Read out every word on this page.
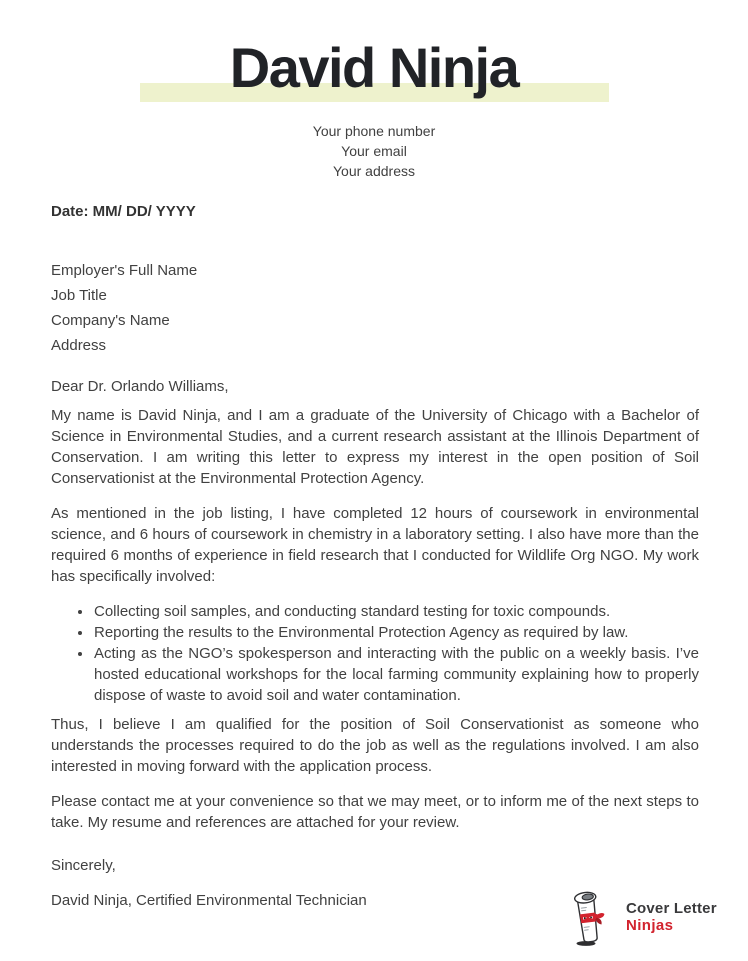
David Ninja
Your phone number
Your email
Your address
Date: MM/ DD/ YYYY
Employer's Full Name
Job Title
Company's Name
Address

Dear Dr. Orlando Williams,

My name is David Ninja, and I am a graduate of the University of Chicago with a Bachelor of Science in Environmental Studies, and a current research assistant at the Illinois Department of Conservation. I am writing this letter to express my interest in the open position of Soil Conservationist at the Environmental Protection Agency.

As mentioned in the job listing, I have completed 12 hours of coursework in environmental science, and 6 hours of coursework in chemistry in a laboratory setting. I also have more than the required 6 months of experience in field research that I conducted for Wildlife Org NGO. My work has specifically involved:

• Collecting soil samples, and conducting standard testing for toxic compounds.
• Reporting the results to the Environmental Protection Agency as required by law.
• Acting as the NGO’s spokesperson and interacting with the public on a weekly basis. I’ve hosted educational workshops for the local farming community explaining how to properly dispose of waste to avoid soil and water contamination.

Thus, I believe I am qualified for the position of Soil Conservationist as someone who understands the processes required to do the job as well as the regulations involved. I am also interested in moving forward with the application process.

Please contact me at your convenience so that we may meet, or to inform me of the next steps to take. My resume and references are attached for your review.

Sincerely,

David Ninja, Certified Environmental Technician	Cover Letter
Ninjas
